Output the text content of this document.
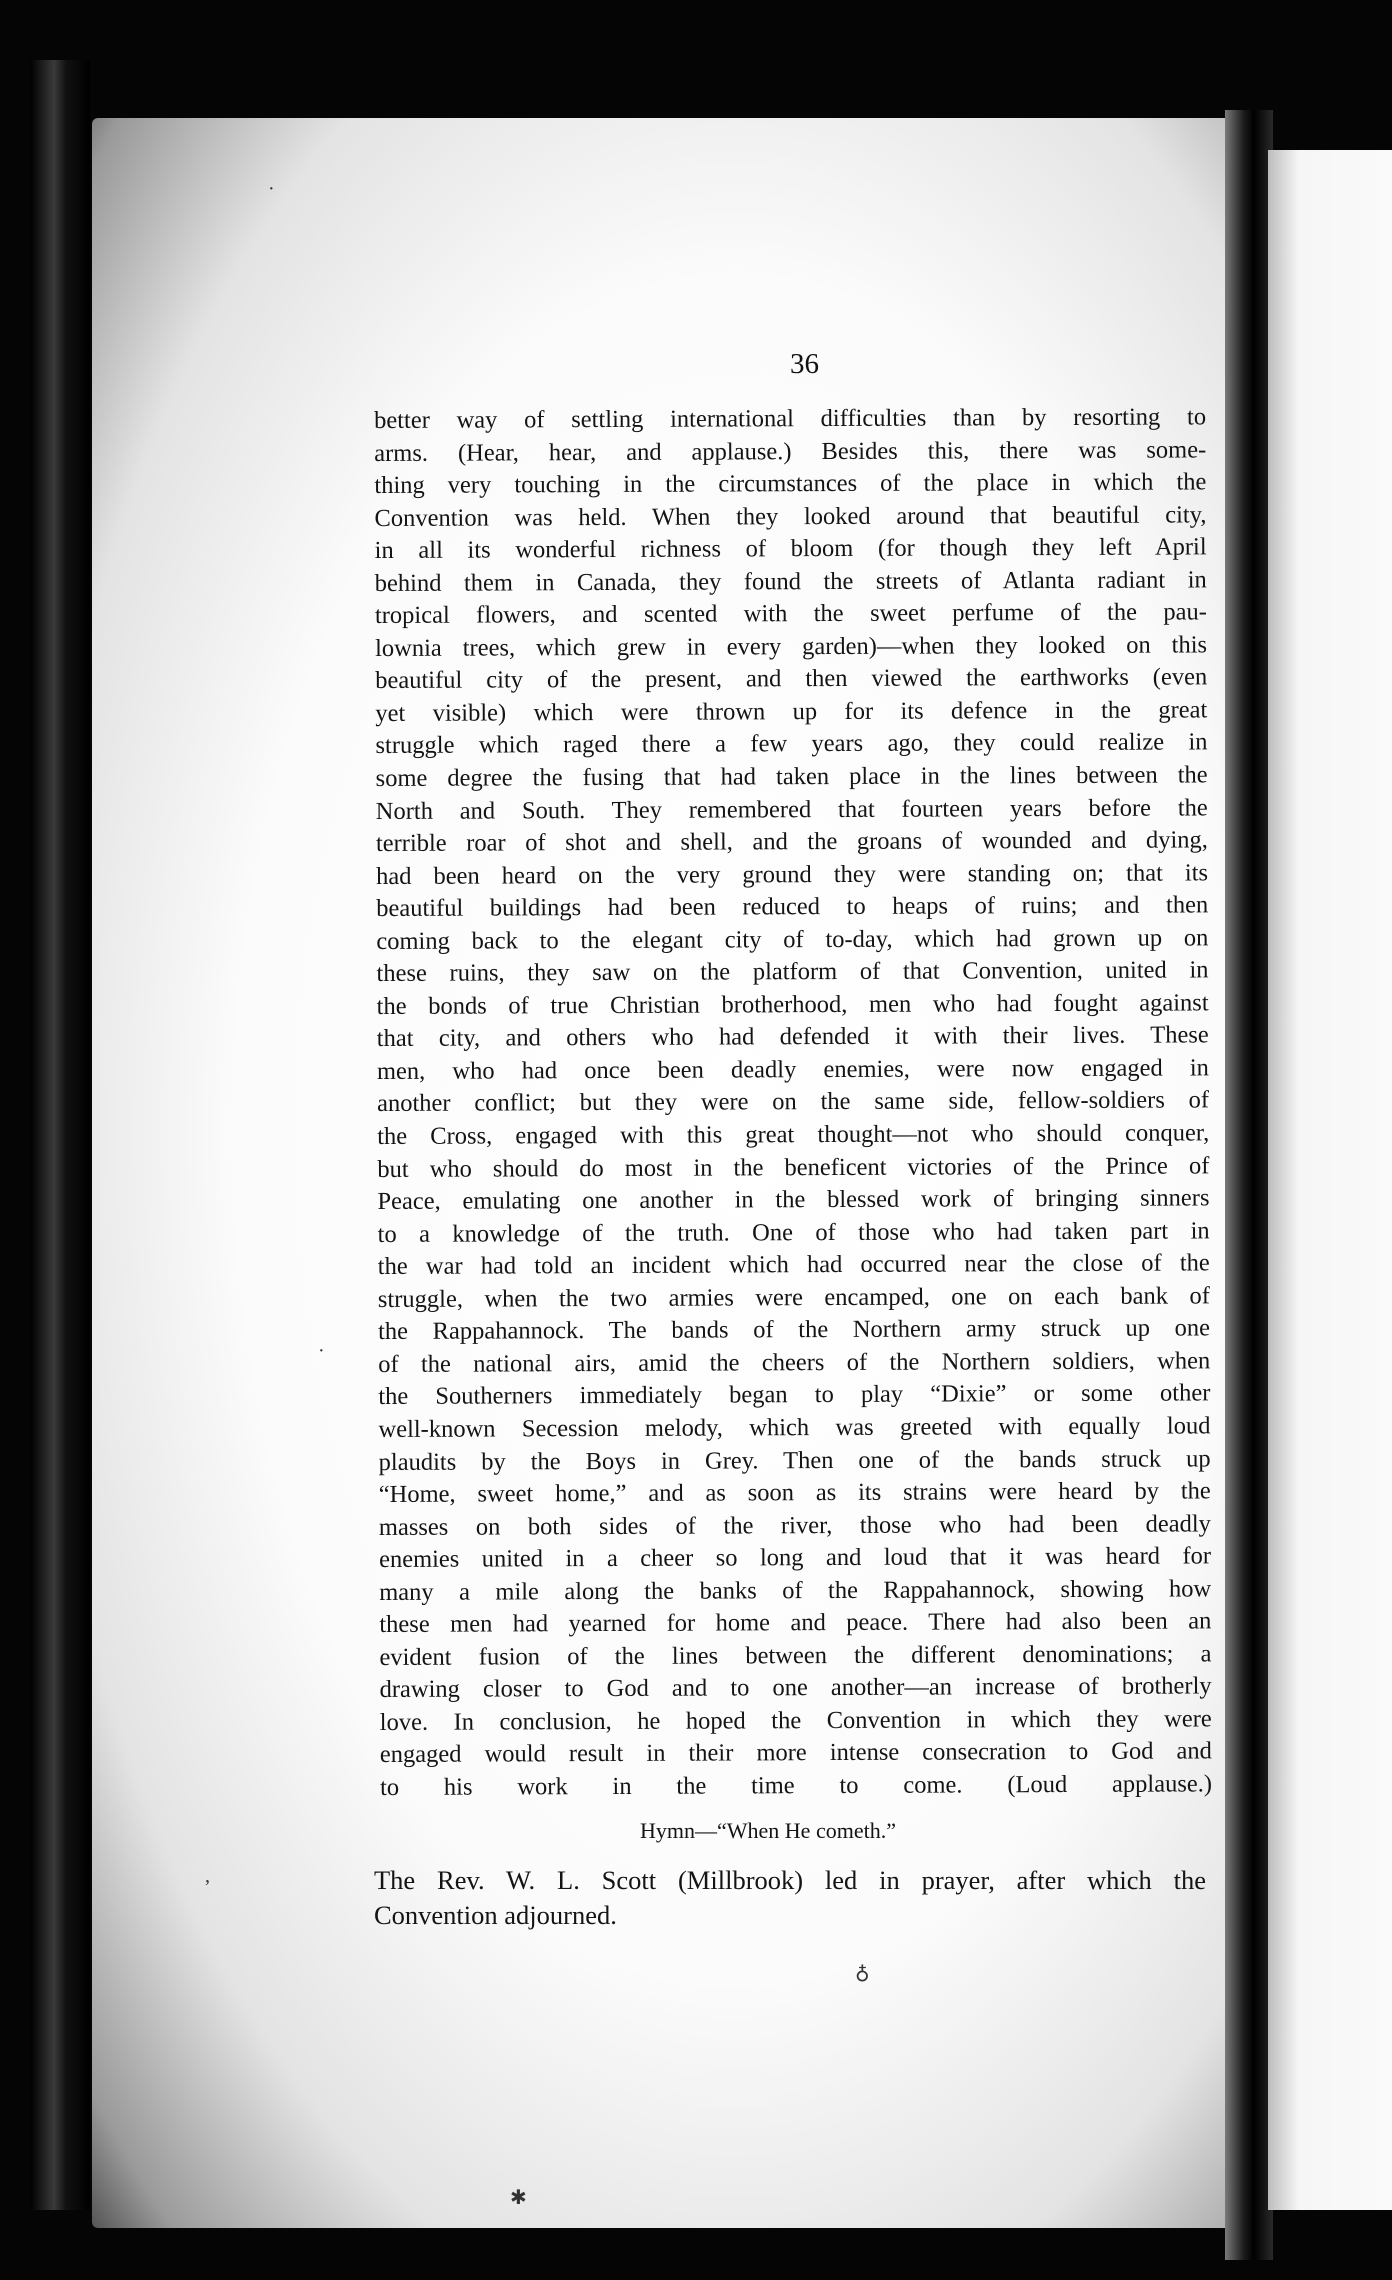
36
better way of settling international difficulties than by resorting to
arms. (Hear, hear, and applause.) Besides this, there was some-
thing very touching in the circumstances of the place in which the
Convention was held. When they looked around that beautiful city,
in all its wonderful richness of bloom (for though they left April
behind them in Canada, they found the streets of Atlanta radiant in
tropical flowers, and scented with the sweet perfume of the pau-
lownia trees, which grew in every garden)—when they looked on this
beautiful city of the present, and then viewed the earthworks (even
yet visible) which were thrown up for its defence in the great
struggle which raged there a few years ago, they could realize in
some degree the fusing that had taken place in the lines between the
North and South. They remembered that fourteen years before the
terrible roar of shot and shell, and the groans of wounded and dying,
had been heard on the very ground they were standing on; that its
beautiful buildings had been reduced to heaps of ruins; and then
coming back to the elegant city of to-day, which had grown up on
these ruins, they saw on the platform of that Convention, united in
the bonds of true Christian brotherhood, men who had fought against
that city, and others who had defended it with their lives. These
men, who had once been deadly enemies, were now engaged in
another conflict; but they were on the same side, fellow-soldiers of
the Cross, engaged with this great thought—not who should conquer,
but who should do most in the beneficent victories of the Prince of
Peace, emulating one another in the blessed work of bringing sinners
to a knowledge of the truth. One of those who had taken part in
the war had told an incident which had occurred near the close of the
struggle, when the two armies were encamped, one on each bank of
the Rappahannock. The bands of the Northern army struck up one
of the national airs, amid the cheers of the Northern soldiers, when
the Southerners immediately began to play “Dixie” or some other
well-known Secession melody, which was greeted with equally loud
plaudits by the Boys in Grey. Then one of the bands struck up
“Home, sweet home,” and as soon as its strains were heard by the
masses on both sides of the river, those who had been deadly
enemies united in a cheer so long and loud that it was heard for
many a mile along the banks of the Rappahannock, showing how
these men had yearned for home and peace. There had also been an
evident fusion of the lines between the different denominations; a
drawing closer to God and to one another—an increase of brotherly
love. In conclusion, he hoped the Convention in which they were
engaged would result in their more intense consecration to God and
to his work in the time to come. (Loud applause.)
Hymn—“When He cometh.”
The Rev. W. L. Scott (Millbrook) led in prayer, after which the
Convention adjourned.
·
·
,
✱
♁
